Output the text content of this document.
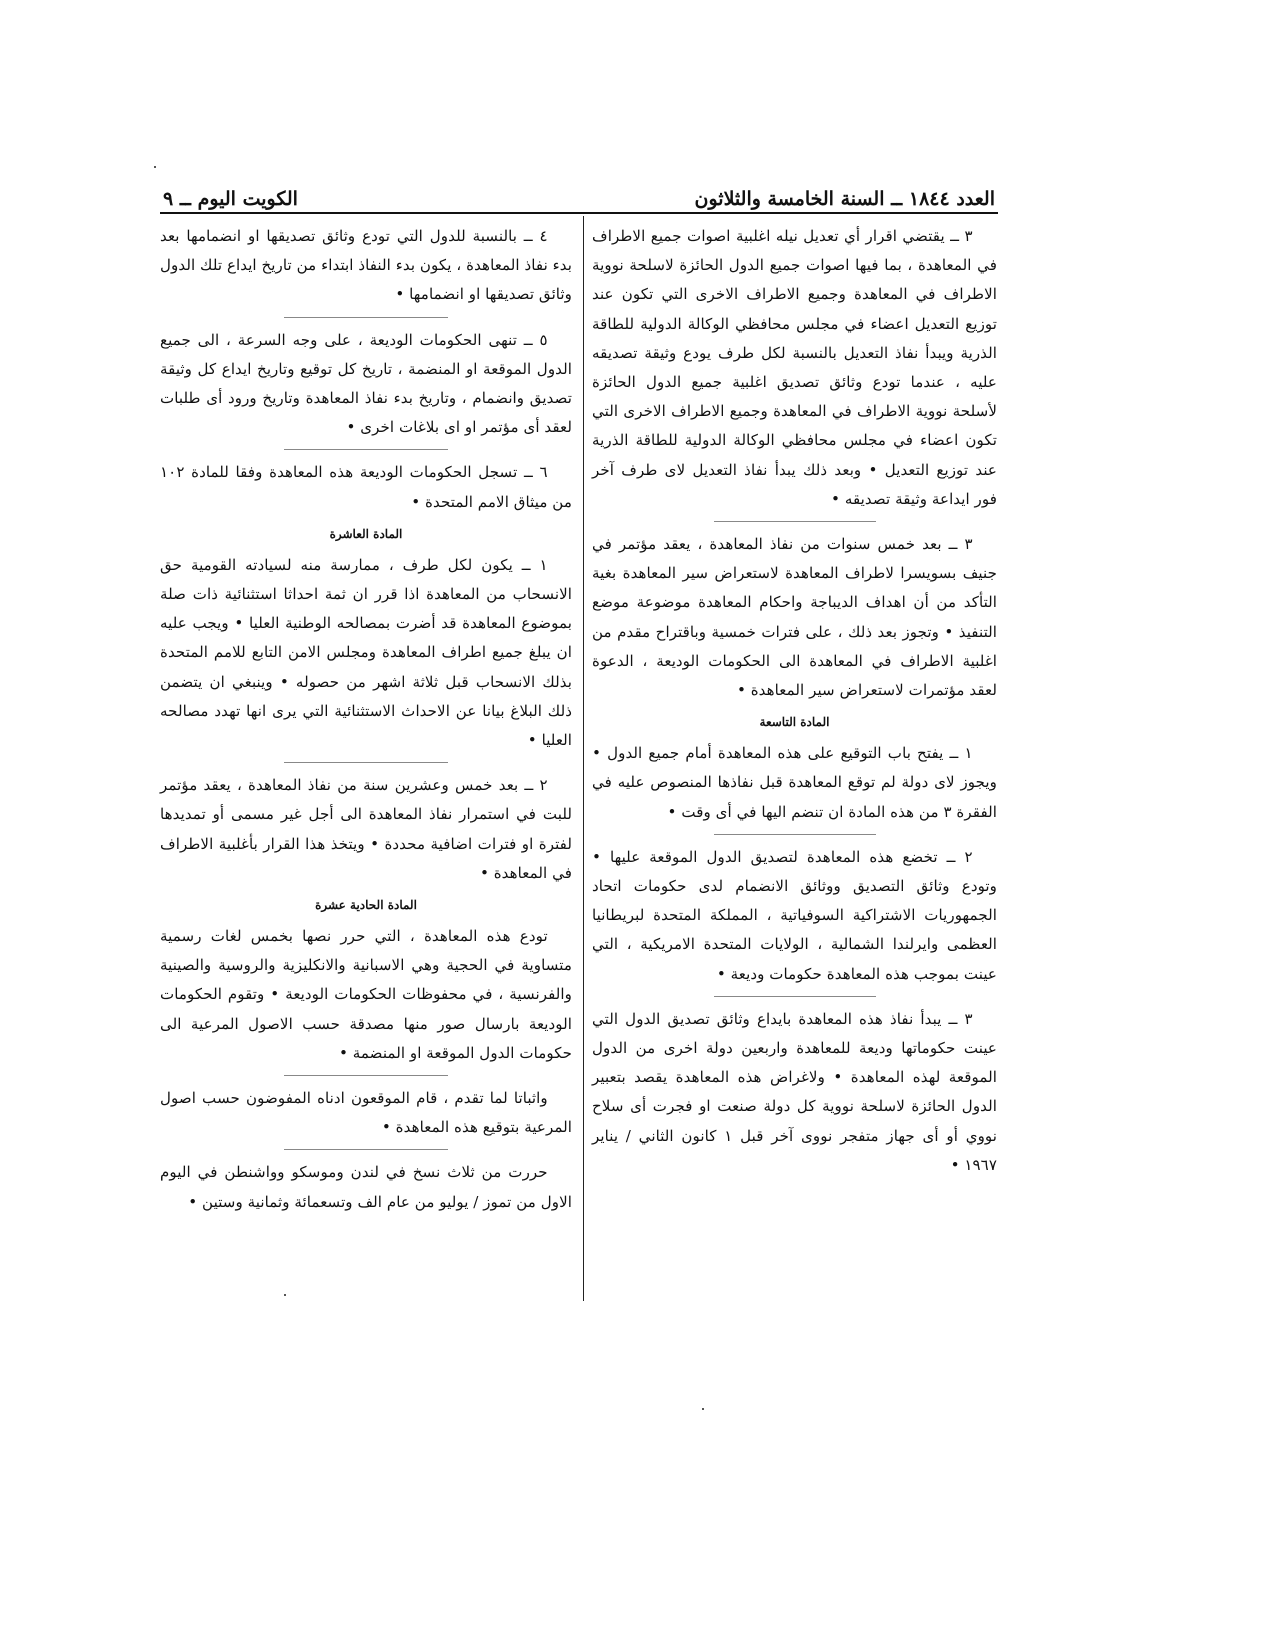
العدد ١٨٤٤ ــ السنة الخامسة والثلاثون
الكويت اليوم ــ ٩

٣ ــ يقتضي اقرار أي تعديل نيله اغلبية اصوات جميع الاطراف في المعاهدة ، بما فيها اصوات جميع الدول الحائزة لاسلحة نووية الاطراف في المعاهدة وجميع الاطراف الاخرى التي تكون عند توزيع التعديل اعضاء في مجلس محافظي الوكالة الدولية للطاقة الذرية ويبدأ نفاذ التعديل بالنسبة لكل طرف يودع وثيقة تصديقه عليه ، عندما تودع وثائق تصديق اغلبية جميع الدول الحائزة لأسلحة نووية الاطراف في المعاهدة وجميع الاطراف الاخرى التي تكون اعضاء في مجلس محافظي الوكالة الدولية للطاقة الذرية عند توزيع التعديل • وبعد ذلك يبدأ نفاذ التعديل لاى طرف آخر فور ايداعة وثيقة تصديقه •

٣ ــ بعد خمس سنوات من نفاذ المعاهدة ، يعقد مؤتمر في جنيف بسويسرا لاطراف المعاهدة لاستعراض سير المعاهدة بغية التأكد من أن اهداف الديباجة واحكام المعاهدة موضوعة موضع التنفيذ • وتجوز بعد ذلك ، على فترات خمسية وباقتراح مقدم من اغلبية الاطراف في المعاهدة الى الحكومات الوديعة ، الدعوة لعقد مؤتمرات لاستعراض سير المعاهدة •

المادة التاسعة

١ ــ يفتح باب التوقيع على هذه المعاهدة أمام جميع الدول • ويجوز لاى دولة لم توقع المعاهدة قبل نفاذها المنصوص عليه في الفقرة ٣ من هذه المادة ان تنضم اليها في أى وقت •

٢ ــ تخضع هذه المعاهدة لتصديق الدول الموقعة عليها • وتودع وثائق التصديق ووثائق الانضمام لدى حكومات اتحاد الجمهوريات الاشتراكية السوفياتية ، المملكة المتحدة لبريطانيا العظمى وايرلندا الشمالية ، الولايات المتحدة الامريكية ، التي عينت بموجب هذه المعاهدة حكومات وديعة •

٣ ــ يبدأ نفاذ هذه المعاهدة بايداع وثائق تصديق الدول التي عينت حكوماتها وديعة للمعاهدة واربعين دولة اخرى من الدول الموقعة لهذه المعاهدة • ولاغراض هذه المعاهدة يقصد بتعبير الدول الحائزة لاسلحة نووية كل دولة صنعت او فجرت أى سلاح نووي أو أى جهاز متفجر نووى آخر قبل ١ كانون الثاني / يناير ١٩٦٧ •

٤ ــ بالنسبة للدول التي تودع وثائق تصديقها او انضمامها بعد بدء نفاذ المعاهدة ، يكون بدء النفاذ ابتداء من تاريخ ايداع تلك الدول وثائق تصديقها او انضمامها •

٥ ــ تنهى الحكومات الوديعة ، على وجه السرعة ، الى جميع الدول الموقعة او المنضمة ، تاريخ كل توقيع وتاريخ ايداع كل وثيقة تصديق وانضمام ، وتاريخ بدء نفاذ المعاهدة وتاريخ ورود أى طلبات لعقد أى مؤتمر او اى بلاغات اخرى •

٦ ــ تسجل الحكومات الوديعة هذه المعاهدة وفقا للمادة ١٠٢ من ميثاق الامم المتحدة •

المادة العاشرة

١ ــ يكون لكل طرف ، ممارسة منه لسيادته القومية حق الانسحاب من المعاهدة اذا قرر ان ثمة احداثا استثنائية ذات صلة بموضوع المعاهدة قد أضرت بمصالحه الوطنية العليا • ويجب عليه ان يبلغ جميع اطراف المعاهدة ومجلس الامن التابع للامم المتحدة بذلك الانسحاب قبل ثلاثة اشهر من حصوله • وينبغي ان يتضمن ذلك البلاغ بيانا عن الاحداث الاستثنائية التي يرى انها تهدد مصالحه العليا •

٢ ــ بعد خمس وعشرين سنة من نفاذ المعاهدة ، يعقد مؤتمر للبت في استمرار نفاذ المعاهدة الى أجل غير مسمى أو تمديدها لفترة او فترات اضافية محددة • ويتخذ هذا القرار بأغلبية الاطراف في المعاهدة •

المادة الحادية عشرة

تودع هذه المعاهدة ، التي حرر نصها بخمس لغات رسمية متساوية في الحجية وهي الاسبانية والانكليزية والروسية والصينية والفرنسية ، في محفوظات الحكومات الوديعة • وتقوم الحكومات الوديعة بارسال صور منها مصدقة حسب الاصول المرعية الى حكومات الدول الموقعة او المنضمة •

واثباتا لما تقدم ، قام الموقعون ادناه المفوضون حسب اصول المرعية بتوقيع هذه المعاهدة •

حررت من ثلاث نسخ في لندن وموسكو وواشنطن في اليوم الاول من تموز / يوليو من عام الف وتسعمائة وثمانية وستين •
